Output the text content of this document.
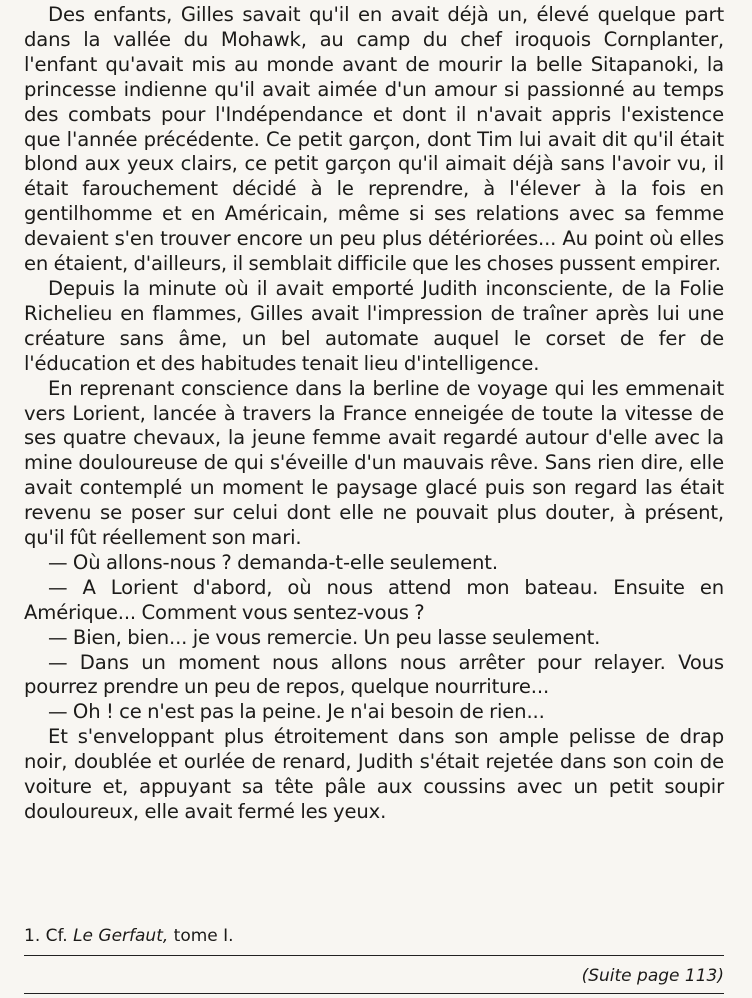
Des enfants, Gilles savait qu'il en avait déjà un, élevé quelque part dans la vallée du Mohawk, au camp du chef iroquois Cornplanter, l'enfant qu'avait mis au monde avant de mourir la belle Sitapanoki, la princesse indienne qu'il avait aimée d'un amour si passionné au temps des combats pour l'Indépendance et dont il n'avait appris l'existence que l'année précédente. Ce petit garçon, dont Tim lui avait dit qu'il était blond aux yeux clairs, ce petit garçon qu'il aimait déjà sans l'avoir vu, il était farouchement décidé à le reprendre, à l'élever à la fois en gentilhomme et en Américain, même si ses relations avec sa femme devaient s'en trouver encore un peu plus détériorées... Au point où elles en étaient, d'ailleurs, il semblait difficile que les choses pussent empirer.

Depuis la minute où il avait emporté Judith inconsciente, de la Folie Richelieu en flammes, Gilles avait l'impression de traîner après lui une créature sans âme, un bel automate auquel le corset de fer de l'éducation et des habitudes tenait lieu d'intelligence.

En reprenant conscience dans la berline de voyage qui les emmenait vers Lorient, lancée à travers la France enneigée de toute la vitesse de ses quatre chevaux, la jeune femme avait regardé autour d'elle avec la mine douloureuse de qui s'éveille d'un mauvais rêve. Sans rien dire, elle avait contemplé un moment le paysage glacé puis son regard las était revenu se poser sur celui dont elle ne pouvait plus douter, à présent, qu'il fût réellement son mari.

— Où allons-nous ? demanda-t-elle seulement.

— A Lorient d'abord, où nous attend mon bateau. Ensuite en Amérique... Comment vous sentez-vous ?

— Bien, bien... je vous remercie. Un peu lasse seulement.

— Dans un moment nous allons nous arrêter pour relayer. Vous pourrez prendre un peu de repos, quelque nourriture...

— Oh ! ce n'est pas la peine. Je n'ai besoin de rien...

Et s'enveloppant plus étroitement dans son ample pelisse de drap noir, doublée et ourlée de renard, Judith s'était rejetée dans son coin de voiture et, appuyant sa tête pâle aux coussins avec un petit soupir douloureux, elle avait fermé les yeux.

1. Cf. Le Gerfaut, tome I.
(Suite page 113)
